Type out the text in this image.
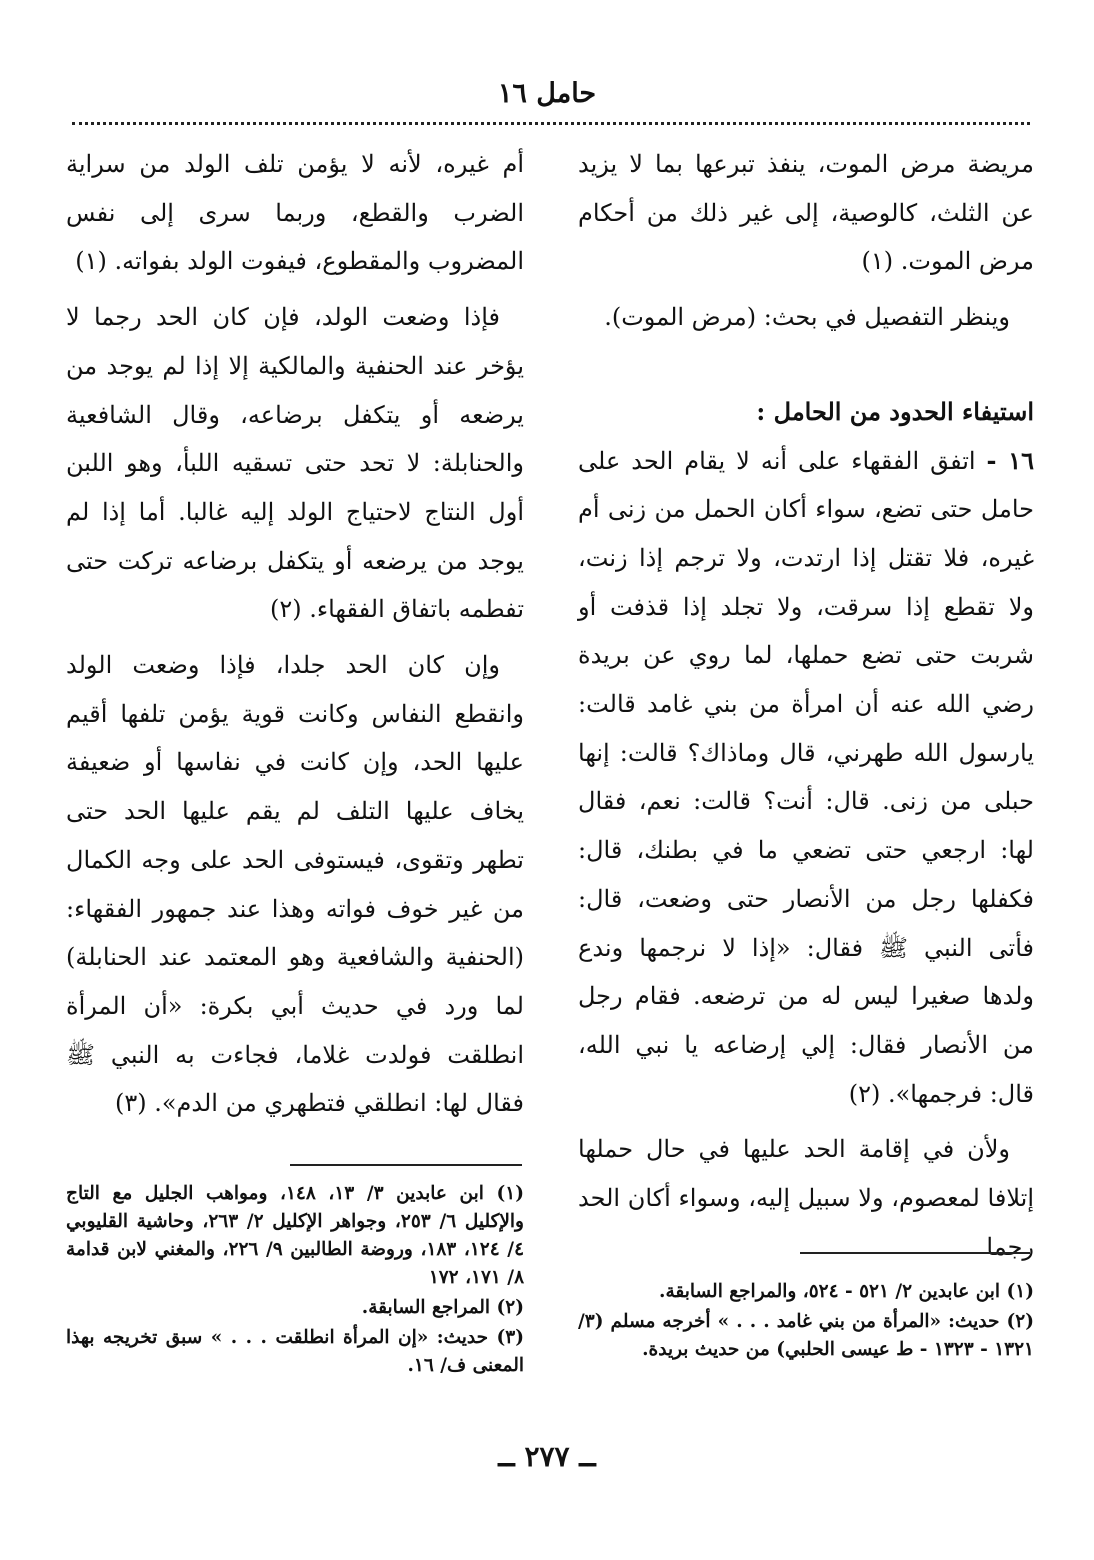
حامل ١٦

مريضة مرض الموت، ينفذ تبرعها بما لا يزيد عن الثلث، كالوصية، إلى غير ذلك من أحكام مرض الموت. (١)

وينظر التفصيل في بحث: (مرض الموت).

استيفاء الحدود من الحامل :

١٦ - اتفق الفقهاء على أنه لا يقام الحد على حامل حتى تضع، سواء أكان الحمل من زنى أم غيره، فلا تقتل إذا ارتدت، ولا ترجم إذا زنت، ولا تقطع إذا سرقت، ولا تجلد إذا قذفت أو شربت حتى تضع حملها، لما روي عن بريدة رضي الله عنه أن امرأة من بني غامد قالت: يارسول الله طهرني، قال وماذاك؟ قالت: إنها حبلى من زنى. قال: أنت؟ قالت: نعم، فقال لها: ارجعي حتى تضعي ما في بطنك، قال: فكفلها رجل من الأنصار حتى وضعت، قال: فأتى النبي ﷺ فقال: «إذا لا نرجمها وندع ولدها صغيرا ليس له من ترضعه. فقام رجل من الأنصار فقال: إلي إرضاعه يا نبي الله، قال: فرجمها». (٢)

ولأن في إقامة الحد عليها في حال حملها إتلافا لمعصوم، ولا سبيل إليه، وسواء أكان الحد رجما

أم غيره، لأنه لا يؤمن تلف الولد من سراية الضرب والقطع، وربما سرى إلى نفس المضروب والمقطوع، فيفوت الولد بفواته. (١)

فإذا وضعت الولد، فإن كان الحد رجما لا يؤخر عند الحنفية والمالكية إلا إذا لم يوجد من يرضعه أو يتكفل برضاعه، وقال الشافعية والحنابلة: لا تحد حتى تسقيه اللبأ، وهو اللبن أول النتاج لاحتياج الولد إليه غالبا. أما إذا لم يوجد من يرضعه أو يتكفل برضاعه تركت حتى تفطمه باتفاق الفقهاء. (٢)

وإن كان الحد جلدا، فإذا وضعت الولد وانقطع النفاس وكانت قوية يؤمن تلفها أقيم عليها الحد، وإن كانت في نفاسها أو ضعيفة يخاف عليها التلف لم يقم عليها الحد حتى تطهر وتقوى، فيستوفى الحد على وجه الكمال من غير خوف فواته وهذا عند جمهور الفقهاء: (الحنفية والشافعية وهو المعتمد عند الحنابلة) لما ورد في حديث أبي بكرة: «أن المرأة انطلقت فولدت غلاما، فجاءت به النبي ﷺ فقال لها: انطلقي فتطهري من الدم». (٣)

(١) ابن عابدين ٣/ ١٣، ١٤٨، ومواهب الجليل مع التاج والإكليل ٦/ ٢٥٣، وجواهر الإكليل ٢/ ٢٦٣، وحاشية القليوبي ٤/ ١٢٤، ١٨٣، وروضة الطالبين ٩/ ٢٢٦، والمغني لابن قدامة ٨/ ١٧١، ١٧٢

(٢) المراجع السابقة.

(٣) حديث: «إن المرأة انطلقت . . . » سبق تخريجه بهذا المعنى ف/ ١٦.

(١) ابن عابدين ٢/ ٥٢١ - ٥٢٤، والمراجع السابقة.

(٢) حديث: «المرأة من بني غامد . . . » أخرجه مسلم (٣/ ١٣٢١ - ١٣٢٣ - ط عيسى الحلبي) من حديث بريدة.

ــ ٢٧٧ ــ
